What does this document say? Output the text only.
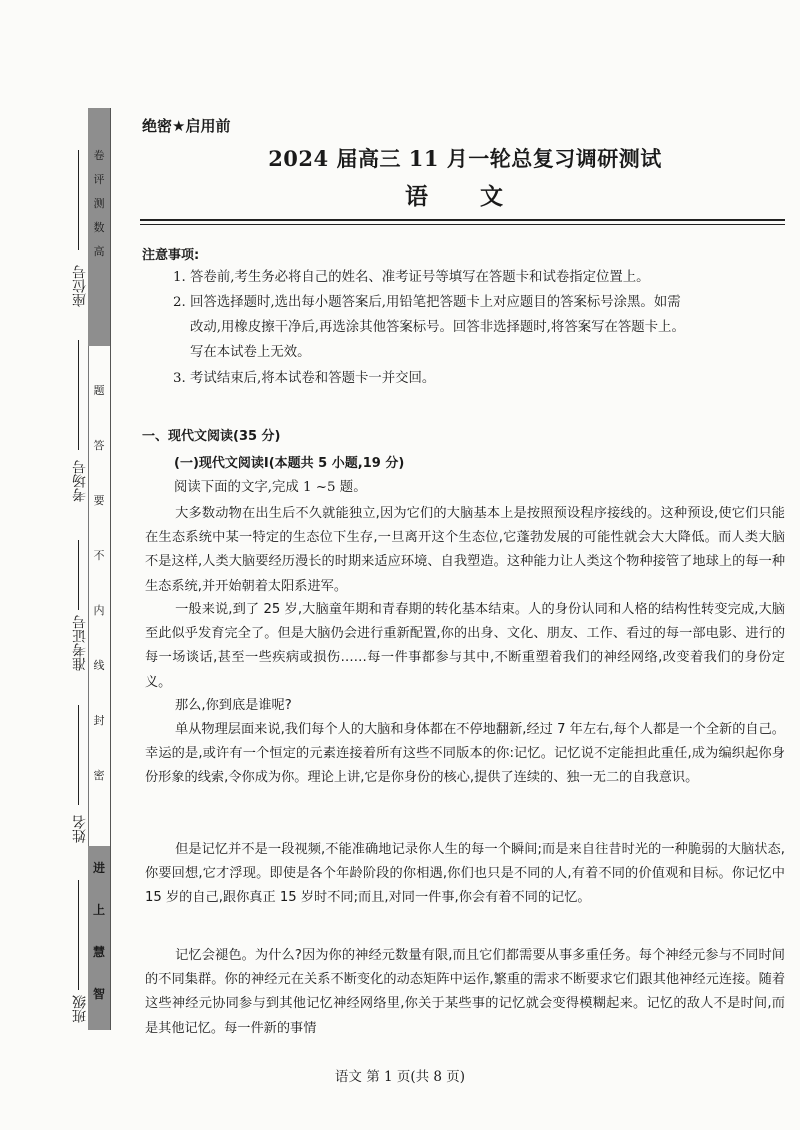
卷
评
测
数
高
题
答
要
不
内
线
封
密
进
上
慧
智
座位号
考场号
准考证号
姓名
班级
绝密★启用前
2024 届高三 11 月一轮总复习调研测试
语 文
注意事项:
1. 答卷前,考生务必将自己的姓名、准考证号等填写在答题卡和试卷指定位置上。
2. 回答选择题时,选出每小题答案后,用铅笔把答题卡上对应题目的答案标号涂黑。如需
改动,用橡皮擦干净后,再选涂其他答案标号。回答非选择题时,将答案写在答题卡上。
写在本试卷上无效。
3. 考试结束后,将本试卷和答题卡一并交回。
一、现代文阅读(35 分)
(一)现代文阅读Ⅰ(本题共 5 小题,19 分)
阅读下面的文字,完成 1 ~5 题。
大多数动物在出生后不久就能独立,因为它们的大脑基本上是按照预设程序接线的。这种预设,使它们只能在生态系统中某一特定的生态位下生存,一旦离开这个生态位,它蓬勃发展的可能性就会大大降低。而人类大脑不是这样,人类大脑要经历漫长的时期来适应环境、自我塑造。这种能力让人类这个物种接管了地球上的每一种生态系统,并开始朝着太阳系进军。
一般来说,到了 25 岁,大脑童年期和青春期的转化基本结束。人的身份认同和人格的结构性转变完成,大脑至此似乎发育完全了。但是大脑仍会进行重新配置,你的出身、文化、朋友、工作、看过的每一部电影、进行的每一场谈话,甚至一些疾病或损伤……每一件事都参与其中,不断重塑着我们的神经网络,改变着我们的身份定义。
那么,你到底是谁呢?
单从物理层面来说,我们每个人的大脑和身体都在不停地翻新,经过 7 年左右,每个人都是一个全新的自己。幸运的是,或许有一个恒定的元素连接着所有这些不同版本的你:记忆。记忆说不定能担此重任,成为编织起你身份形象的线索,令你成为你。理论上讲,它是你身份的核心,提供了连续的、独一无二的自我意识。
但是记忆并不是一段视频,不能准确地记录你人生的每一个瞬间;而是来自往昔时光的一种脆弱的大脑状态,你要回想,它才浮现。即使是各个年龄阶段的你相遇,你们也只是不同的人,有着不同的价值观和目标。你记忆中 15 岁的自己,跟你真正 15 岁时不同;而且,对同一件事,你会有着不同的记忆。
记忆会褪色。为什么?因为你的神经元数量有限,而且它们都需要从事多重任务。每个神经元参与不同时间的不同集群。你的神经元在关系不断变化的动态矩阵中运作,繁重的需求不断要求它们跟其他神经元连接。随着这些神经元协同参与到其他记忆神经网络里,你关于某些事的记忆就会变得模糊起来。记忆的敌人不是时间,而是其他记忆。每一件新的事情
语文 第 1 页(共 8 页)
